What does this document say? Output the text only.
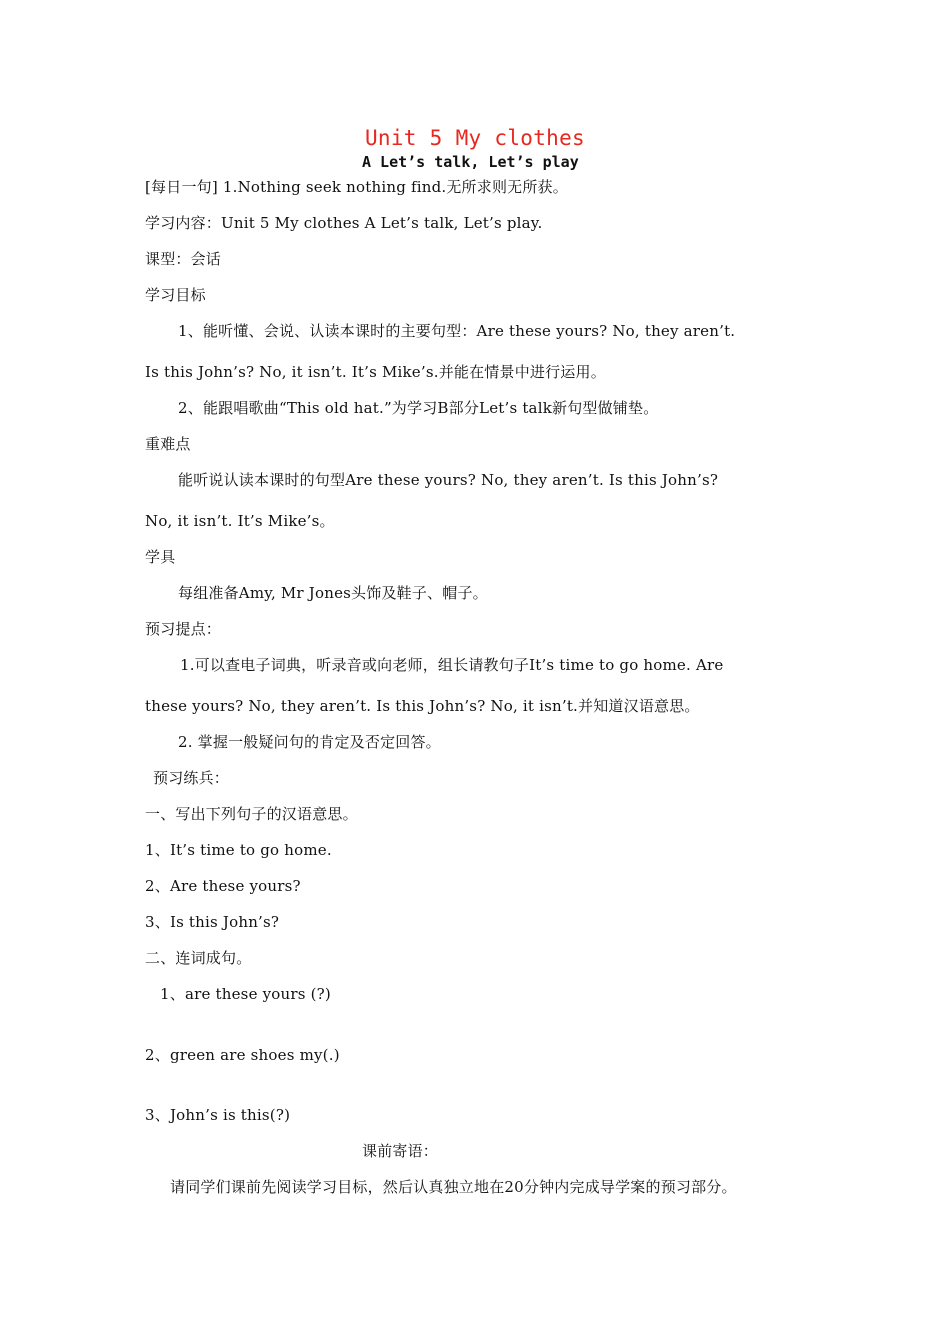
Unit 5 My clothes
A Let’s talk, Let’s play
[每日一句] 1.Nothing seek nothing find.无所求则无所获。
学习内容：Unit 5 My clothes A Let’s talk, Let’s play.
课型：会话
学习目标
1、能听懂、会说、认读本课时的主要句型：Are these yours? No, they aren’t.
Is this John’s? No, it isn’t. It’s Mike’s.并能在情景中进行运用。
2、能跟唱歌曲“This old hat.”为学习B部分Let’s talk新句型做铺垫。
重难点
能听说认读本课时的句型Are these yours? No, they aren’t. Is this John’s?
No, it isn’t. It’s Mike’s。
学具
每组准备Amy, Mr Jones头饰及鞋子、帽子。
预习提点：
1.可以查电子词典，听录音或向老师，组长请教句子It’s time to go home. Are
these yours? No, they aren’t. Is this John’s? No, it isn’t.并知道汉语意思。
2. 掌握一般疑问句的肯定及否定回答。
预习练兵：
一、写出下列句子的汉语意思。
1、It’s time to go home.
2、Are these yours?
3、Is this John’s?
二、连词成句。
1、are these yours (?)
2、green are shoes my(.)
3、John’s is this(?)
课前寄语：
请同学们课前先阅读学习目标，然后认真独立地在20分钟内完成导学案的预习部分。
